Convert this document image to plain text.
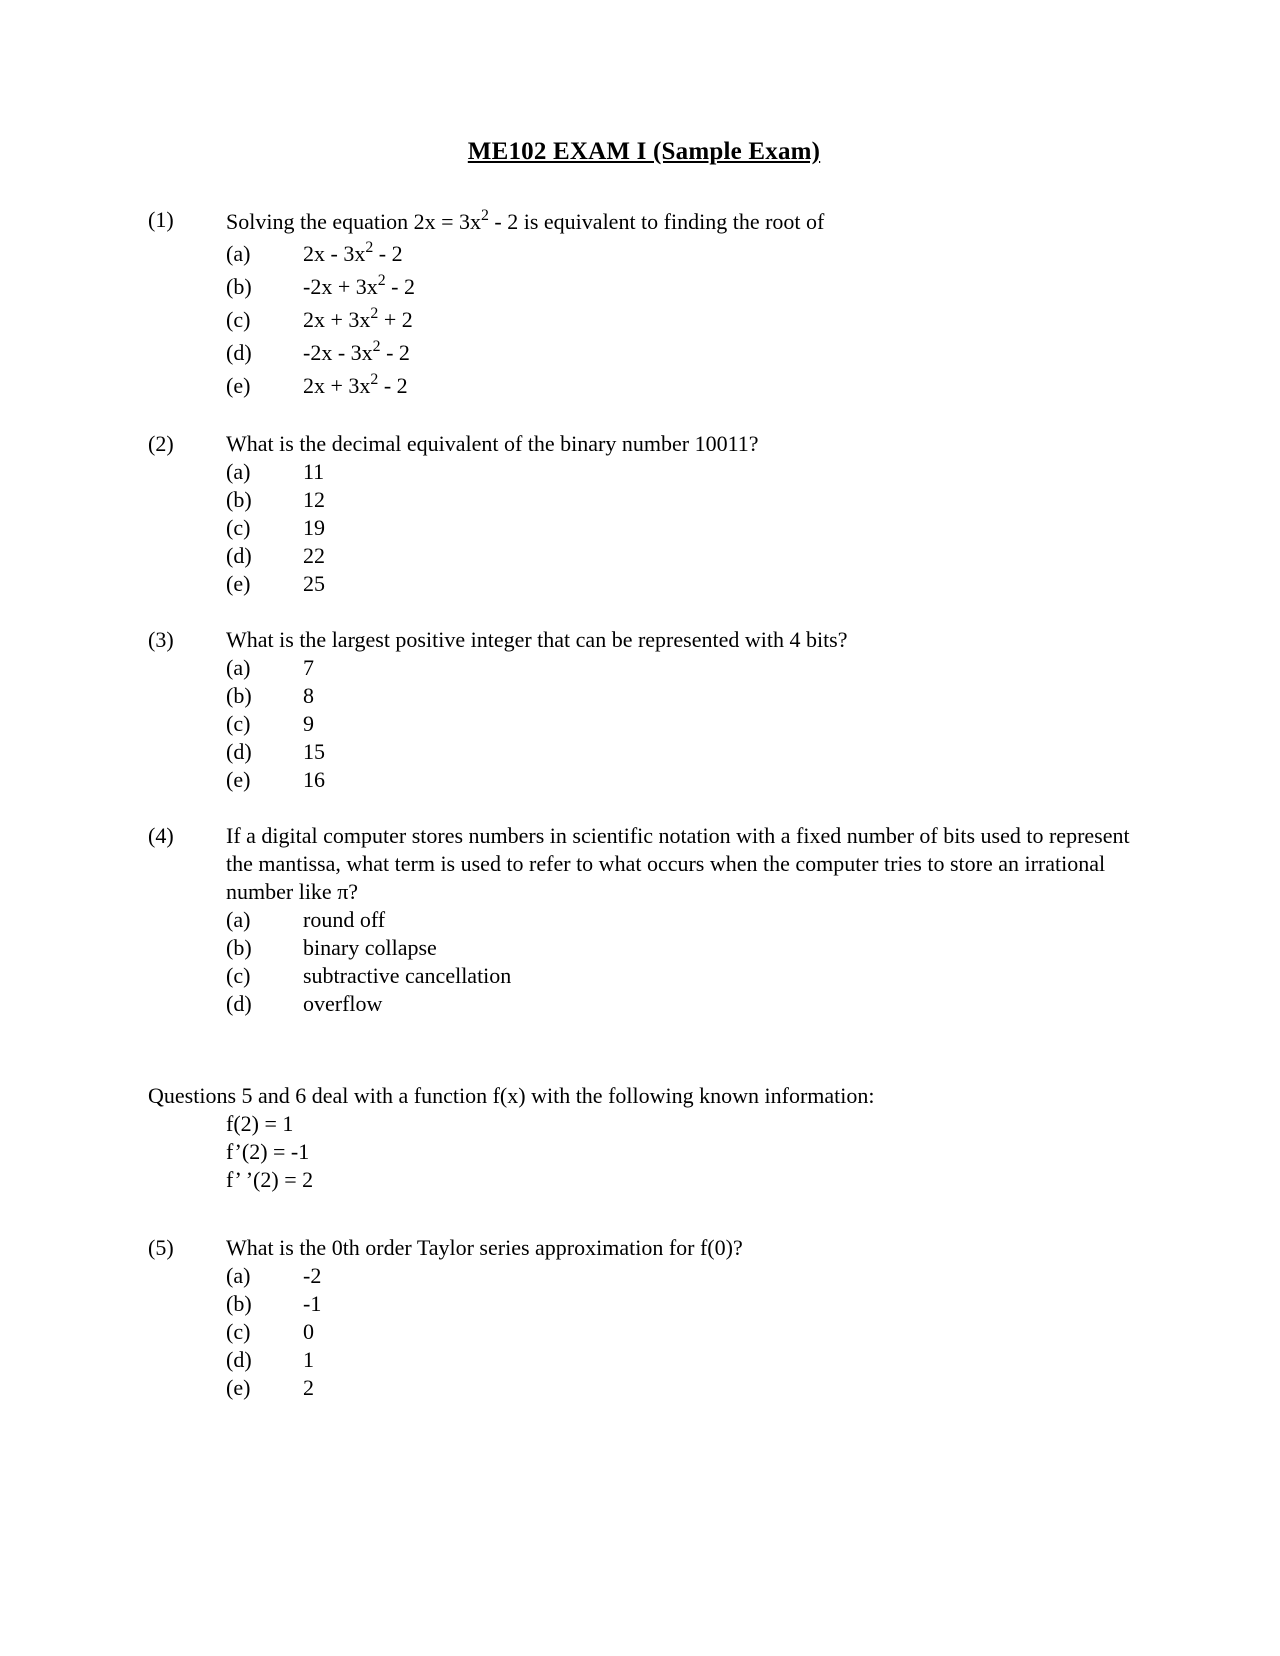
ME102 EXAM I (Sample Exam)
(1)	Solving the equation $2x = 3x^2 - 2$ is equivalent to finding the root of
(a)	$2x - 3x^2 - 2$
(b)	$-2x + 3x^2 - 2$
(c)	$2x + 3x^2 + 2$
(d)	$-2x - 3x^2 - 2$
(e)	$2x + 3x^2 - 2$
(2)	What is the decimal equivalent of the binary number 10011?
(a)	11
(b)	12
(c)	19
(d)	22
(e)	25
(3)	What is the largest positive integer that can be represented with 4 bits?
(a)	7
(b)	8
(c)	9
(d)	15
(e)	16
(4)	If a digital computer stores numbers in scientific notation with a fixed number of bits used to represent the mantissa, what term is used to refer to what occurs when the computer tries to store an irrational number like π?
(a)	round off
(b)	binary collapse
(c)	subtractive cancellation
(d)	overflow
Questions 5 and 6 deal with a function f(x) with the following known information:
f(2) = 1
f’(2) = -1
f’ ’(2) = 2
(5)	What is the 0th order Taylor series approximation for f(0)?
(a)	-2
(b)	-1
(c)	0
(d)	1
(e)	2
